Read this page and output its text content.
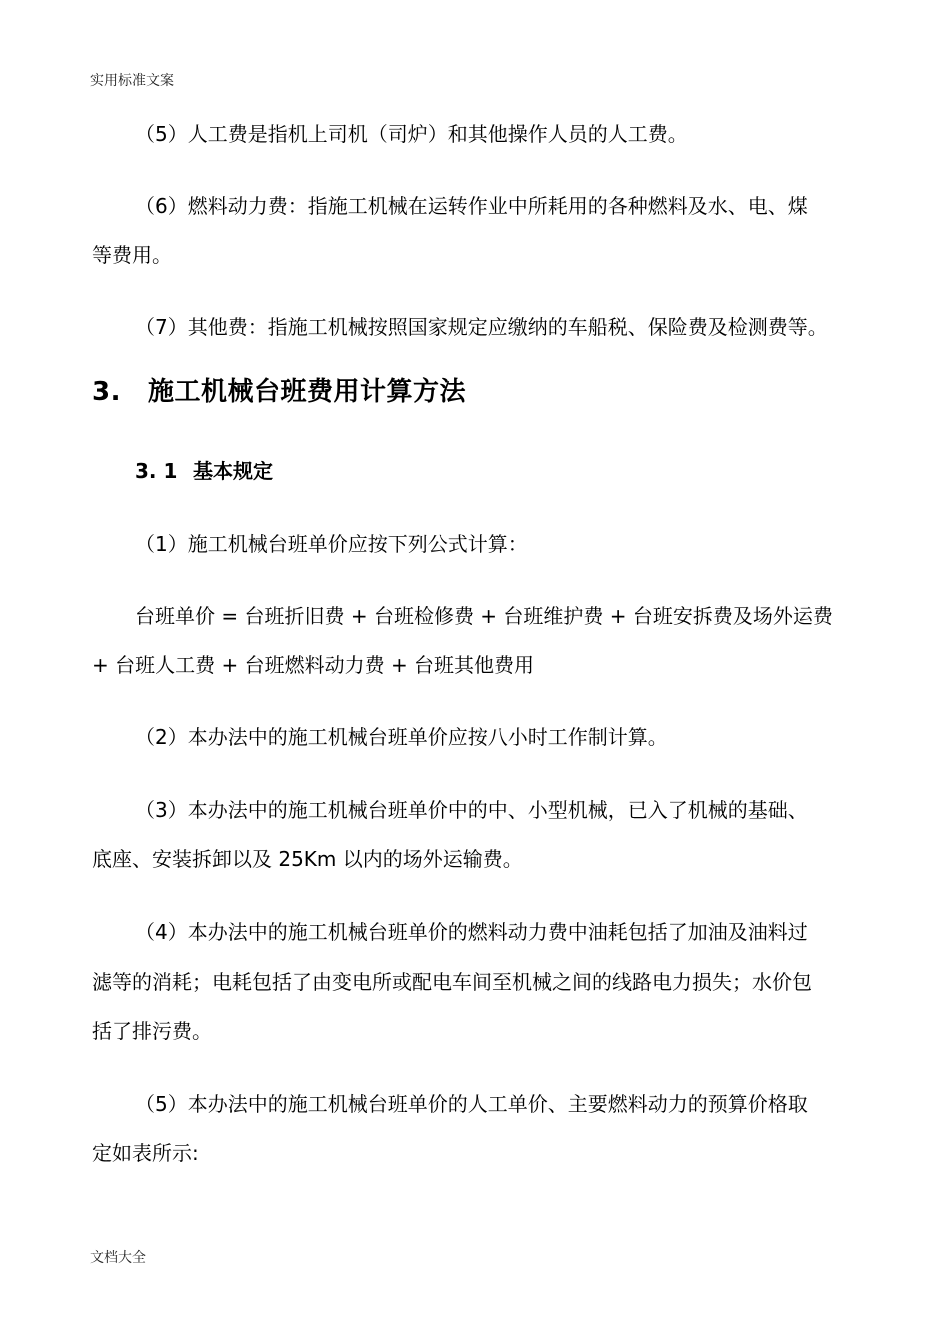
实用标准文案
（5）人工费是指机上司机（司炉）和其他操作人员的人工费。
（6）燃料动力费：指施工机械在运转作业中所耗用的各种燃料及水、电、煤
等费用。
（7）其他费：指施工机械按照国家规定应缴纳的车船税、保险费及检测费等。
3. 施工机械台班费用计算方法
3. 1 基本规定
（1）施工机械台班单价应按下列公式计算：
台班单价 = 台班折旧费 + 台班检修费 + 台班维护费 + 台班安拆费及场外运费
+ 台班人工费 + 台班燃料动力费 + 台班其他费用
（2）本办法中的施工机械台班单价应按八小时工作制计算。
（3）本办法中的施工机械台班单价中的中、小型机械，已入了机械的基础、
底座、安装拆卸以及 25Km 以内的场外运输费。
（4）本办法中的施工机械台班单价的燃料动力费中油耗包括了加油及油料过
滤等的消耗；电耗包括了由变电所或配电车间至机械之间的线路电力损失；水价包
括了排污费。
（5）本办法中的施工机械台班单价的人工单价、主要燃料动力的预算价格取
定如表所示:
文档大全
